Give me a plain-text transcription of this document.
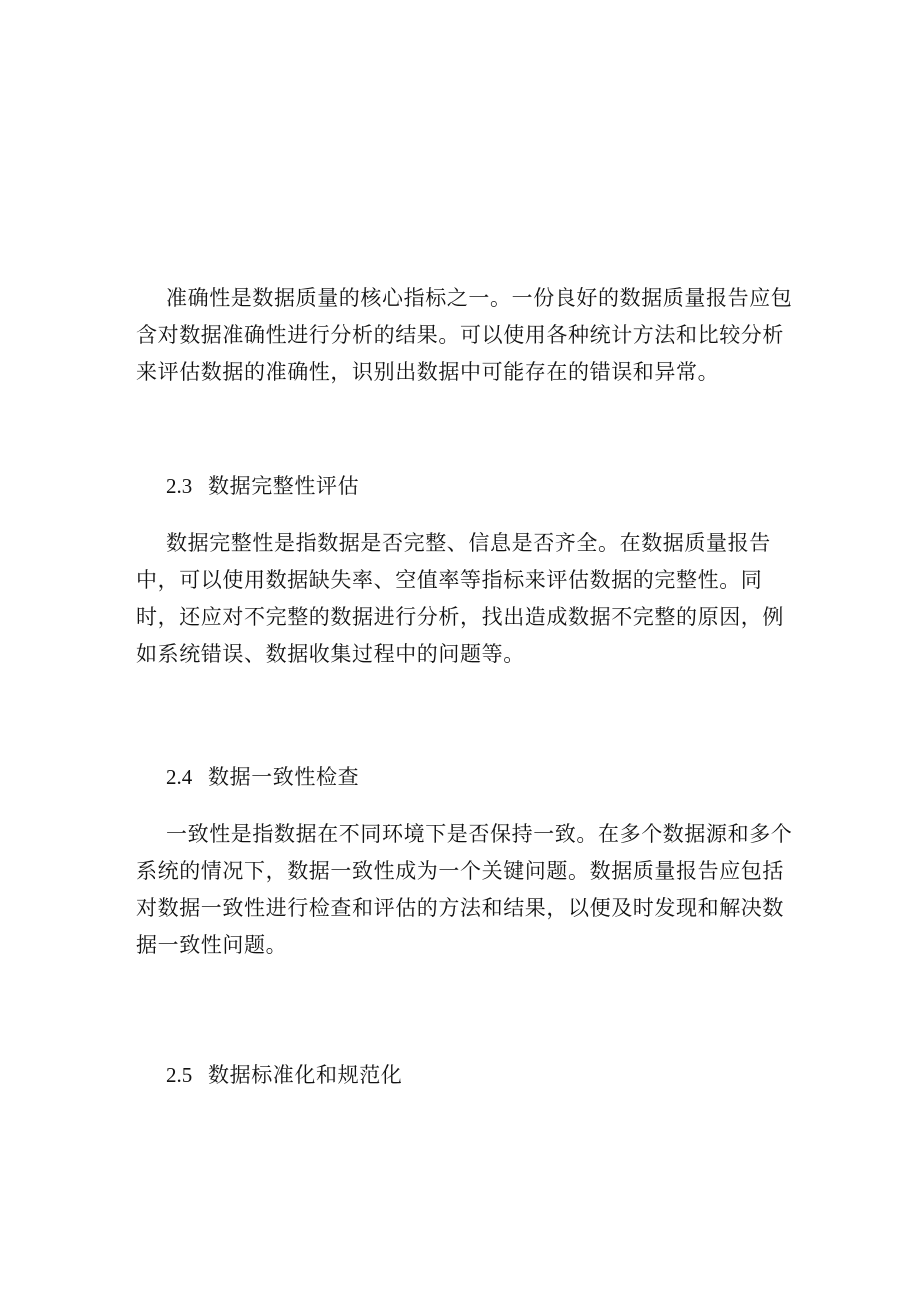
准确性是数据质量的核心指标之一。一份良好的数据质量报告应包
含对数据准确性进行分析的结果。可以使用各种统计方法和比较分析
来评估数据的准确性，识别出数据中可能存在的错误和异常。
2.3 数据完整性评估
数据完整性是指数据是否完整、信息是否齐全。在数据质量报告
中，可以使用数据缺失率、空值率等指标来评估数据的完整性。同
时，还应对不完整的数据进行分析，找出造成数据不完整的原因，例
如系统错误、数据收集过程中的问题等。
2.4 数据一致性检查
一致性是指数据在不同环境下是否保持一致。在多个数据源和多个
系统的情况下，数据一致性成为一个关键问题。数据质量报告应包括
对数据一致性进行检查和评估的方法和结果，以便及时发现和解决数
据一致性问题。
2.5 数据标准化和规范化
